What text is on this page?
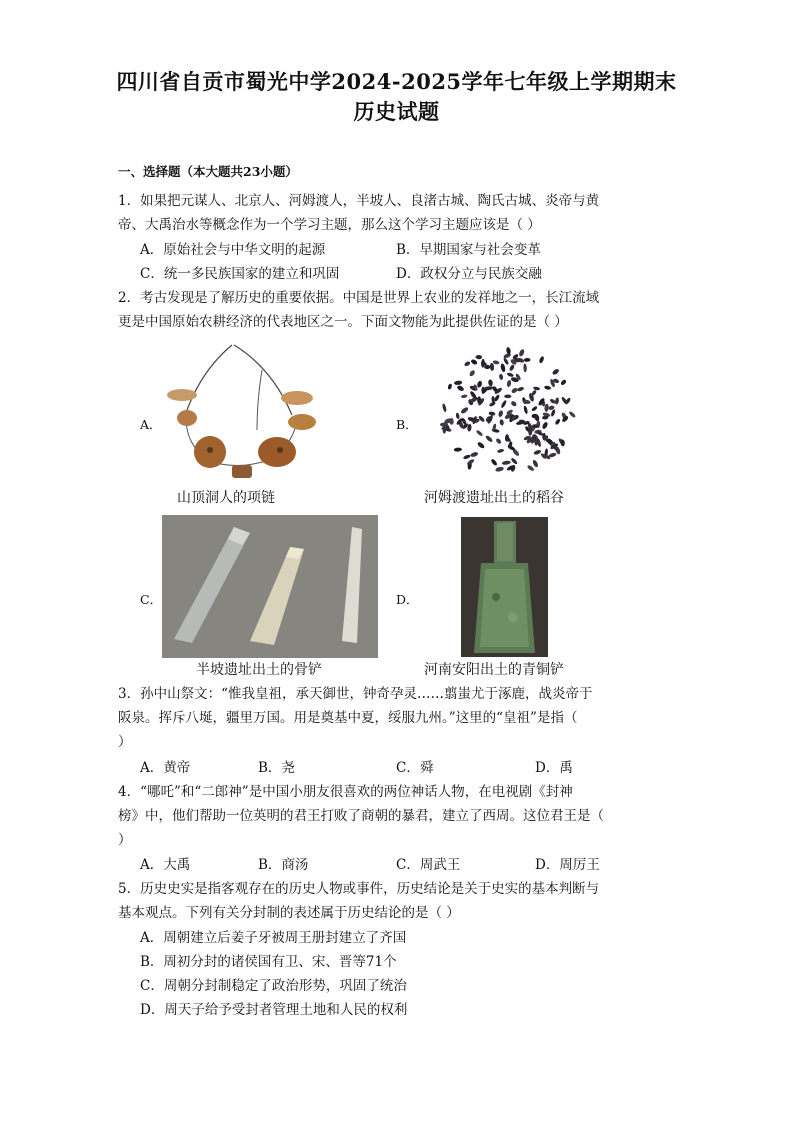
四川省自贡市蜀光中学2024-2025学年七年级上学期期末
历史试题
一、选择题（本大题共23小题）
1．如果把元谋人、北京人、河姆渡人，半坡人、良渚古城、陶氏古城、炎帝与黄
帝、大禹治水等概念作为一个学习主题，那么这个学习主题应该是（ ）
A．原始社会与中华文明的起源	B．早期国家与社会变革
C．统一多民族国家的建立和巩固	D．政权分立与民族交融
2．考古发现是了解历史的重要依据。中国是世界上农业的发祥地之一，长江流域
更是中国原始农耕经济的代表地区之一。下面文物能为此提供佐证的是（ ）
A．
山顶洞人的项链
B．
河姆渡遗址出土的稻谷
C．
半坡遗址出土的骨铲
D．
河南安阳出土的青铜铲
3．孙中山祭文：“惟我皇祖，承天御世，钟奇孕灵……翦蚩尤于涿鹿，战炎帝于
阪泉。挥斥八埏，疆里万国。用是奠基中夏，绥服九州。”这里的“皇祖”是指（
）
A．黄帝	B．尧	C．舜	D．禹
4．“哪吒”和“二郎神”是中国小朋友很喜欢的两位神话人物，在电视剧《封神
榜》中，他们帮助一位英明的君王打败了商朝的暴君，建立了西周。这位君王是（
）
A．大禹	B．商汤	C．周武王	D．周厉王
5．历史史实是指客观存在的历史人物或事件，历史结论是关于史实的基本判断与
基本观点。下列有关分封制的表述属于历史结论的是（ ）
A．周朝建立后姜子牙被周王册封建立了齐国
B．周初分封的诸侯国有卫、宋、晋等71个
C．周朝分封制稳定了政治形势，巩固了统治
D．周天子给予受封者管理土地和人民的权利
